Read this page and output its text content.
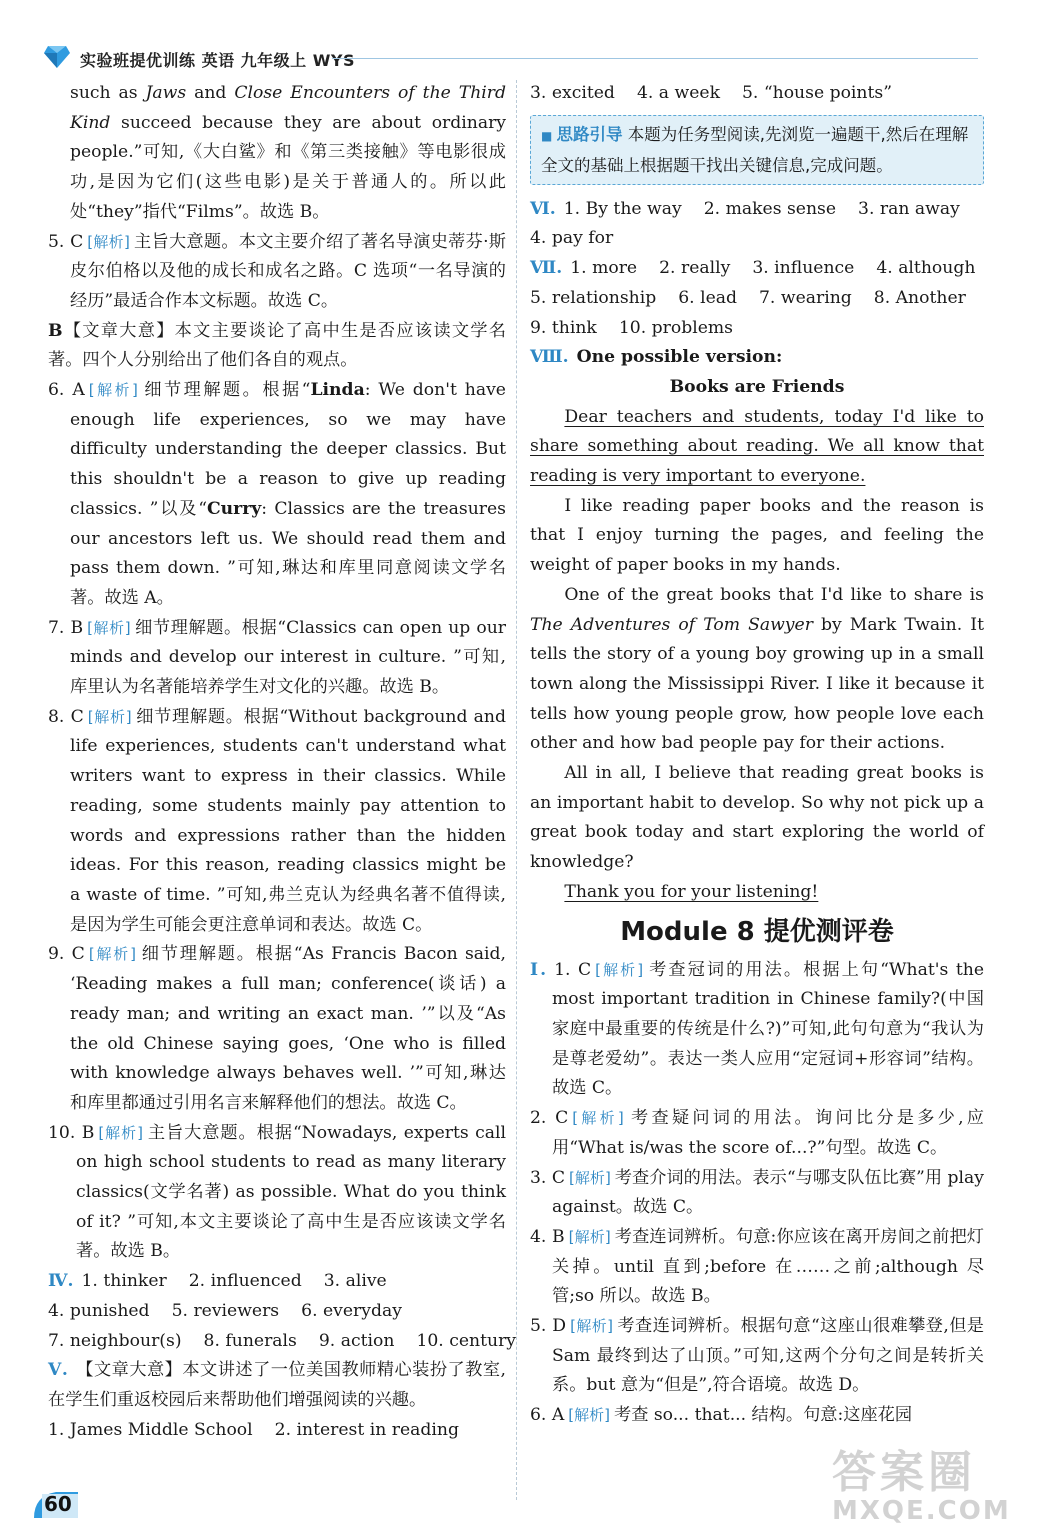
实验班提优训练 英语 九年级上 WYS

such as Jaws and Close Encounters of the Third Kind succeed because they are about ordinary people.”可知,《大白鲨》和《第三类接触》等电影很成功,是因为它们(这些电影)是关于普通人的。所以此处“they”指代“Films”。故选 B。

5. C [ 解析 ] 主旨大意题。本文主要介绍了著名导演史蒂芬·斯皮尔伯格以及他的成长和成名之路。C 选项“一名导演的经历”最适合作本文标题。故选 C。

B【文章大意】本文主要谈论了高中生是否应该读文学名著。四个人分别给出了他们各自的观点。

6. A [ 解析 ] 细节理解题。根据“Linda: We don't have enough life experiences, so we may have difficulty understanding the deeper classics. But this shouldn't be a reason to give up reading classics. ”以及“Curry: Classics are the treasures our ancestors left us. We should read them and pass them down. ”可知,琳达和库里同意阅读文学名著。故选 A。

7. B [ 解析 ] 细节理解题。根据“Classics can open up our minds and develop our interest in culture. ”可知,库里认为名著能培养学生对文化的兴趣。故选 B。

8. C [ 解析 ] 细节理解题。根据“Without background and life experiences, students can't understand what writers want to express in their classics. While reading, some students mainly pay attention to words and expressions rather than the hidden ideas. For this reason, reading classics might be a waste of time. ”可知,弗兰克认为经典名著不值得读,是因为学生可能会更注意单词和表达。故选 C。

9. C [ 解析 ] 细节理解题。根据“As Francis Bacon said, ‘Reading makes a full man; conference(谈话) a ready man; and writing an exact man. ’”以及“As the old Chinese saying goes, ‘One who is filled with knowledge always behaves well. ’”可知,琳达和库里都通过引用名言来解释他们的想法。故选 C。

10. B [ 解析 ] 主旨大意题。根据“Nowadays, experts call on high school students to read as many literary classics(文学名著) as possible. What do you think of it? ”可知,本文主要谈论了高中生是否应该读文学名著。故选 B。

Ⅳ. 1. thinker 2. influenced 3. alive
4. punished 5. reviewers 6. everyday
7. neighbour(s) 8. funerals 9. action 10. century

Ⅴ. 【文章大意】本文讲述了一位美国教师精心装扮了教室,在学生们重返校园后来帮助他们增强阅读的兴趣。

1. James Middle School 2. interest in reading
3. excited 4. a week 5. “house points”
■ 思路引导 本题为任务型阅读,先浏览一遍题干,然后在理解全文的基础上根据题干找出关键信息,完成问题。
Ⅵ. 1. By the way 2. makes sense 3. ran away
4. pay for
Ⅶ. 1. more 2. really 3. influence 4. although
5. relationship 6. lead 7. wearing 8. Another
9. think 10. problems

Ⅷ. One possible version:

Books are Friends

Dear teachers and students, today I'd like to share something about reading. We all know that reading is very important to everyone.

I like reading paper books and the reason is that I enjoy turning the pages, and feeling the weight of paper books in my hands.

One of the great books that I'd like to share is The Adventures of Tom Sawyer by Mark Twain. It tells the story of a young boy growing up in a small town along the Mississippi River. I like it because it tells how young people grow, how people love each other and how bad people pay for their actions.

All in all, I believe that reading great books is an important habit to develop. So why not pick up a great book today and start exploring the world of knowledge?

Thank you for your listening!

Module 8 提优测评卷

Ⅰ. 1. C [ 解析 ] 考查冠词的用法。根据上句“What's the most important tradition in Chinese family?(中国家庭中最重要的传统是什么?)”可知,此句句意为“我认为是尊老爱幼”。表达一类人应用“定冠词+形容词”结构。故选 C。

2. C [ 解析 ] 考查疑问词的用法。询问比分是多少,应用“What is/was the score of...?”句型。故选 C。

3. C [ 解析 ] 考查介词的用法。表示“与哪支队伍比赛”用 play against。故选 C。

4. B [ 解析 ] 考查连词辨析。句意:你应该在离开房间之前把灯关掉。until 直到;before 在……之前;although 尽管;so 所以。故选 B。

5. D [ 解析 ] 考查连词辨析。根据句意“这座山很难攀登,但是 Sam 最终到达了山顶。”可知,这两个分句之间是转折关系。but 意为“但是”,符合语境。故选 D。

6. A [ 解析 ] 考查 so... that... 结构。句意:这座花园

60
答案圈
MXQE.COM
